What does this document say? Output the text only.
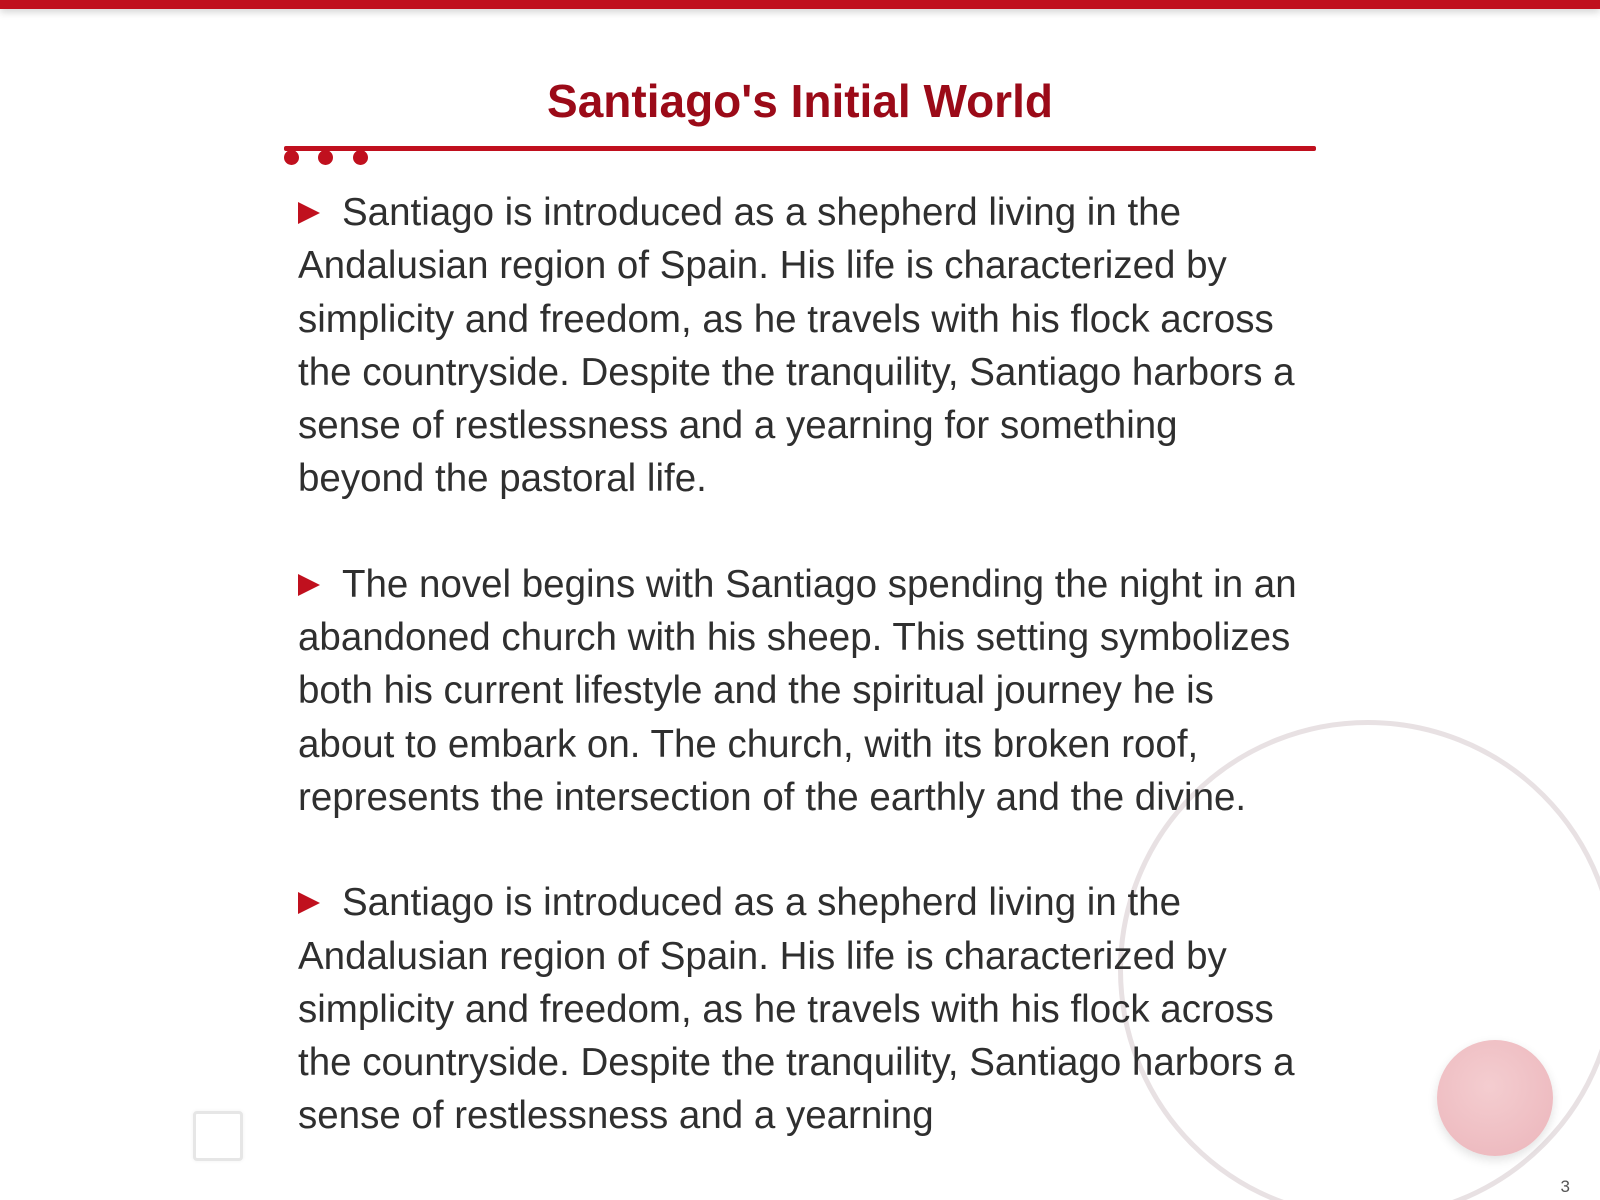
Santiago's Initial World

Santiago is introduced as a shepherd living in the Andalusian region of Spain. His life is characterized by simplicity and freedom, as he travels with his flock across the countryside. Despite the tranquility, Santiago harbors a sense of restlessness and a yearning for something beyond the pastoral life.

The novel begins with Santiago spending the night in an abandoned church with his sheep. This setting symbolizes both his current lifestyle and the spiritual journey he is about to embark on. The church, with its broken roof, represents the intersection of the earthly and the divine.

Santiago is introduced as a shepherd living in the Andalusian region of Spain. His life is characterized by simplicity and freedom, as he travels with his flock across the countryside. Despite the tranquility, Santiago harbors a sense of restlessness and a yearning

3
